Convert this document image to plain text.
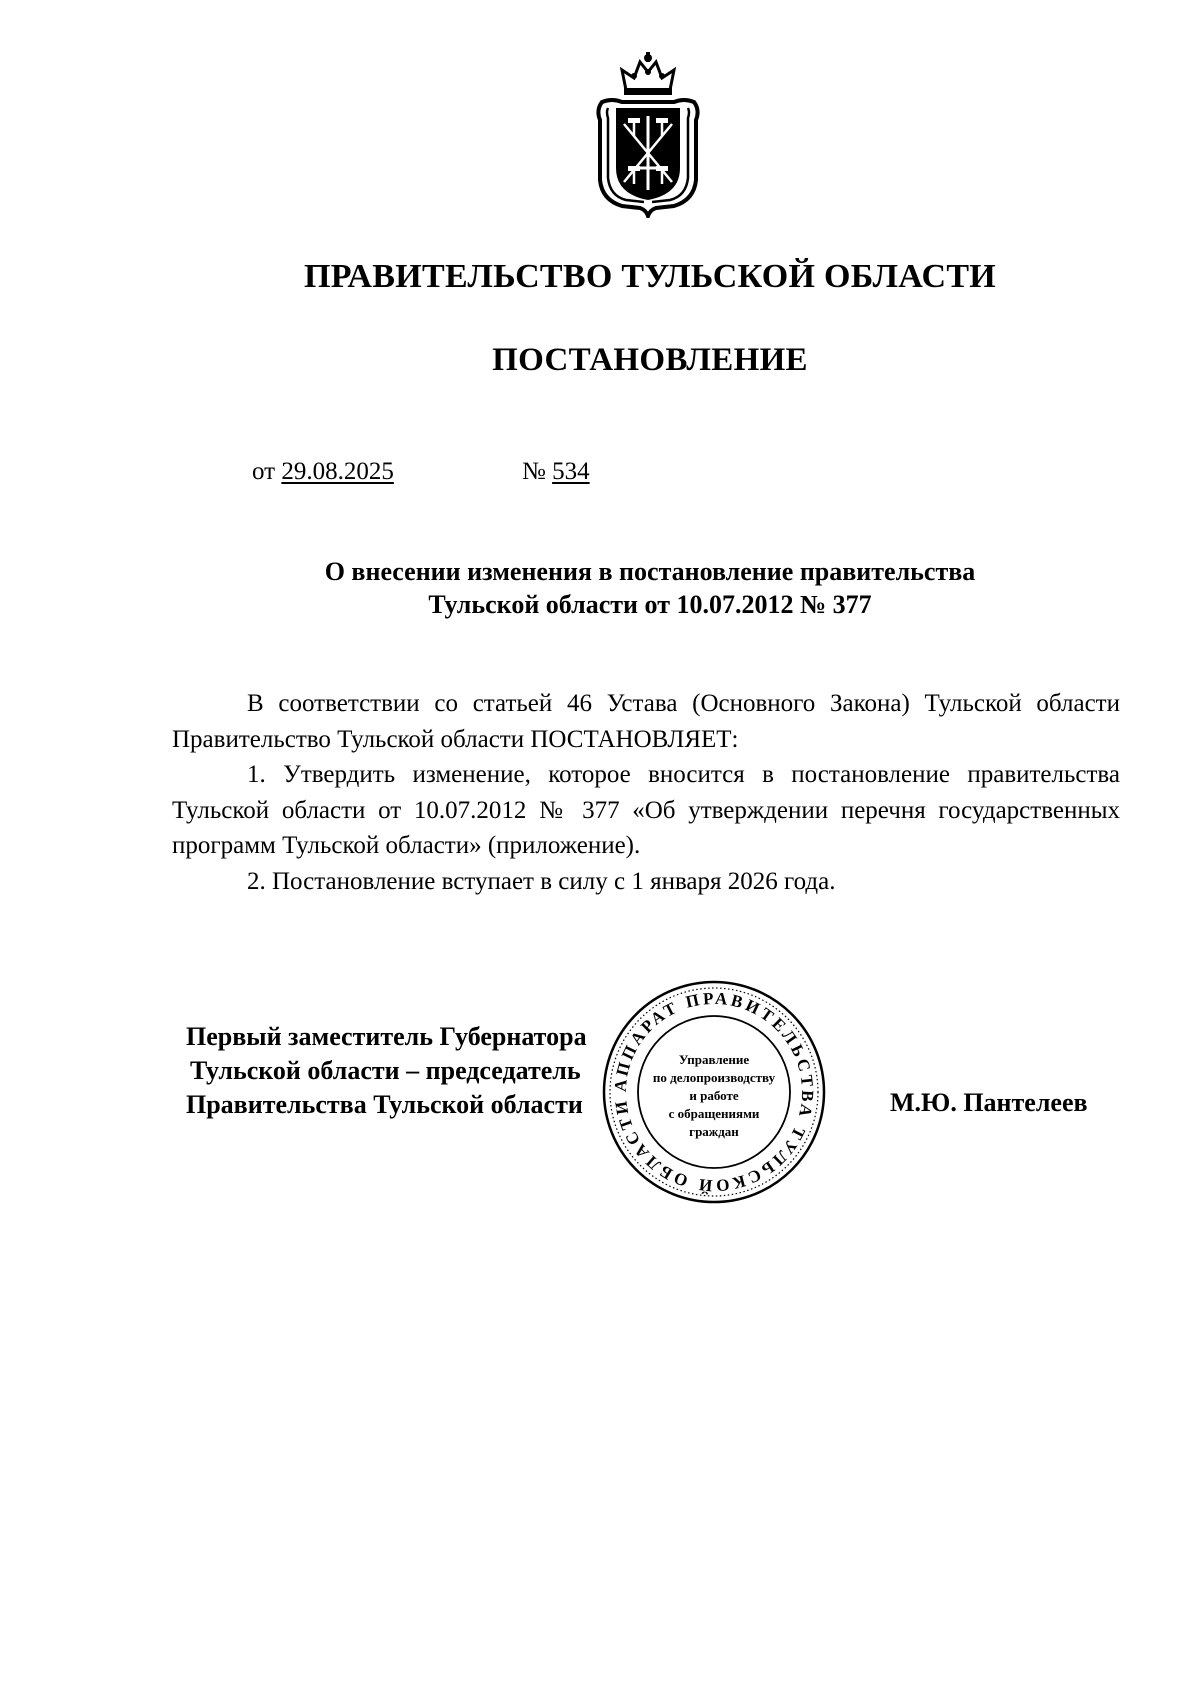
ПРАВИТЕЛЬСТВО ТУЛЬСКОЙ ОБЛАСТИ
ПОСТАНОВЛЕНИЕ
от 29.08.2025	№ 534
О внесении изменения в постановление правительства
Тульской области от 10.07.2012 № 377

В соответствии со статьей 46 Устава (Основного Закона) Тульской области Правительство Тульской области ПОСТАНОВЛЯЕТ:

1. Утвердить изменение, которое вносится в постановление правительства Тульской области от 10.07.2012 № 377 «Об утверждении перечня государственных программ Тульской области» (приложение).

2. Постановление вступает в силу с 1 января 2026 года.

Первый заместитель Губернатора
Тульской области – председатель
Правительства Тульской области
АППАРАТ ПРАВИТЕЛЬСТВА ТУЛЬСКОЙ ОБЛАСТИ
Управление
по делопроизводству
и работе
с обращениями
граждан
М.Ю. Пантелеев
